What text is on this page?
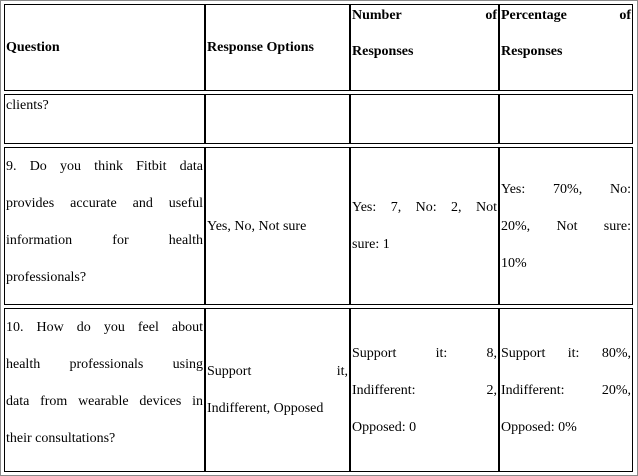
Question	Response Options
Number of
Responses
Percentage of
Responses
clients?
9. Do you think Fitbit data
provides accurate and useful
information for health
professionals?
Yes, No, Not sure
Yes: 7, No: 2, Not
sure: 1
Yes: 70%, No:
20%, Not sure:
10%
10. How do you feel about
health professionals using
data from wearable devices in
their consultations?
Support it,
Indifferent, Opposed
Support it: 8,
Indifferent: 2,
Opposed: 0
Support it: 80%,
Indifferent: 20%,
Opposed: 0%
